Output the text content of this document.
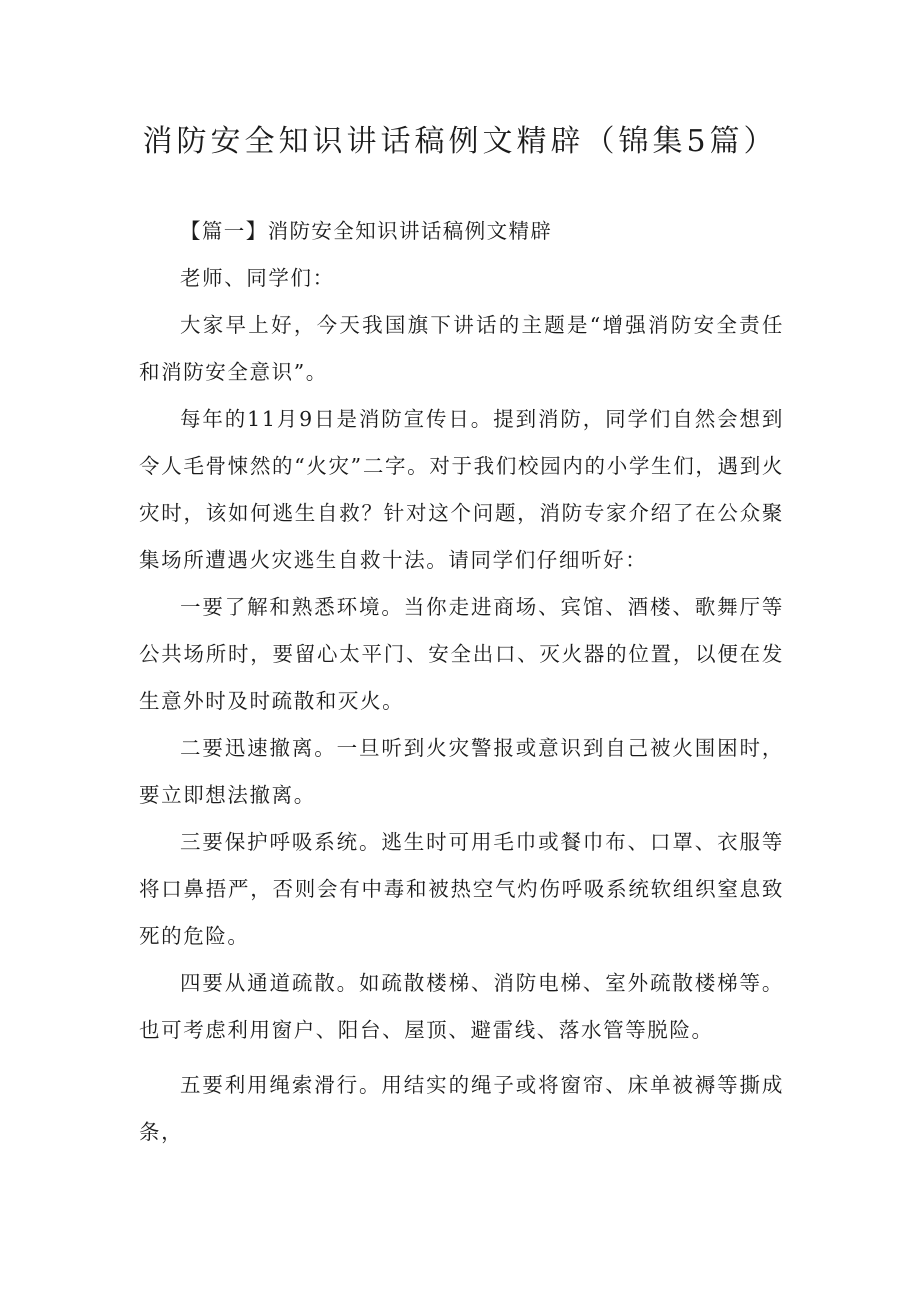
消防安全知识讲话稿例文精辟（锦集5篇）

【篇一】消防安全知识讲话稿例文精辟

老师、同学们：

大家早上好，今天我国旗下讲话的主题是“增强消防安全责任和消防安全意识”。

每年的11月9日是消防宣传日。提到消防，同学们自然会想到令人毛骨悚然的“火灾”二字。对于我们校园内的小学生们，遇到火灾时，该如何逃生自救？针对这个问题，消防专家介绍了在公众聚集场所遭遇火灾逃生自救十法。请同学们仔细听好：

一要了解和熟悉环境。当你走进商场、宾馆、酒楼、歌舞厅等公共场所时，要留心太平门、安全出口、灭火器的位置，以便在发生意外时及时疏散和灭火。

二要迅速撤离。一旦听到火灾警报或意识到自己被火围困时，要立即想法撤离。

三要保护呼吸系统。逃生时可用毛巾或餐巾布、口罩、衣服等将口鼻捂严，否则会有中毒和被热空气灼伤呼吸系统软组织窒息致死的危险。

四要从通道疏散。如疏散楼梯、消防电梯、室外疏散楼梯等。也可考虑利用窗户、阳台、屋顶、避雷线、落水管等脱险。

五要利用绳索滑行。用结实的绳子或将窗帘、床单被褥等撕成条，
